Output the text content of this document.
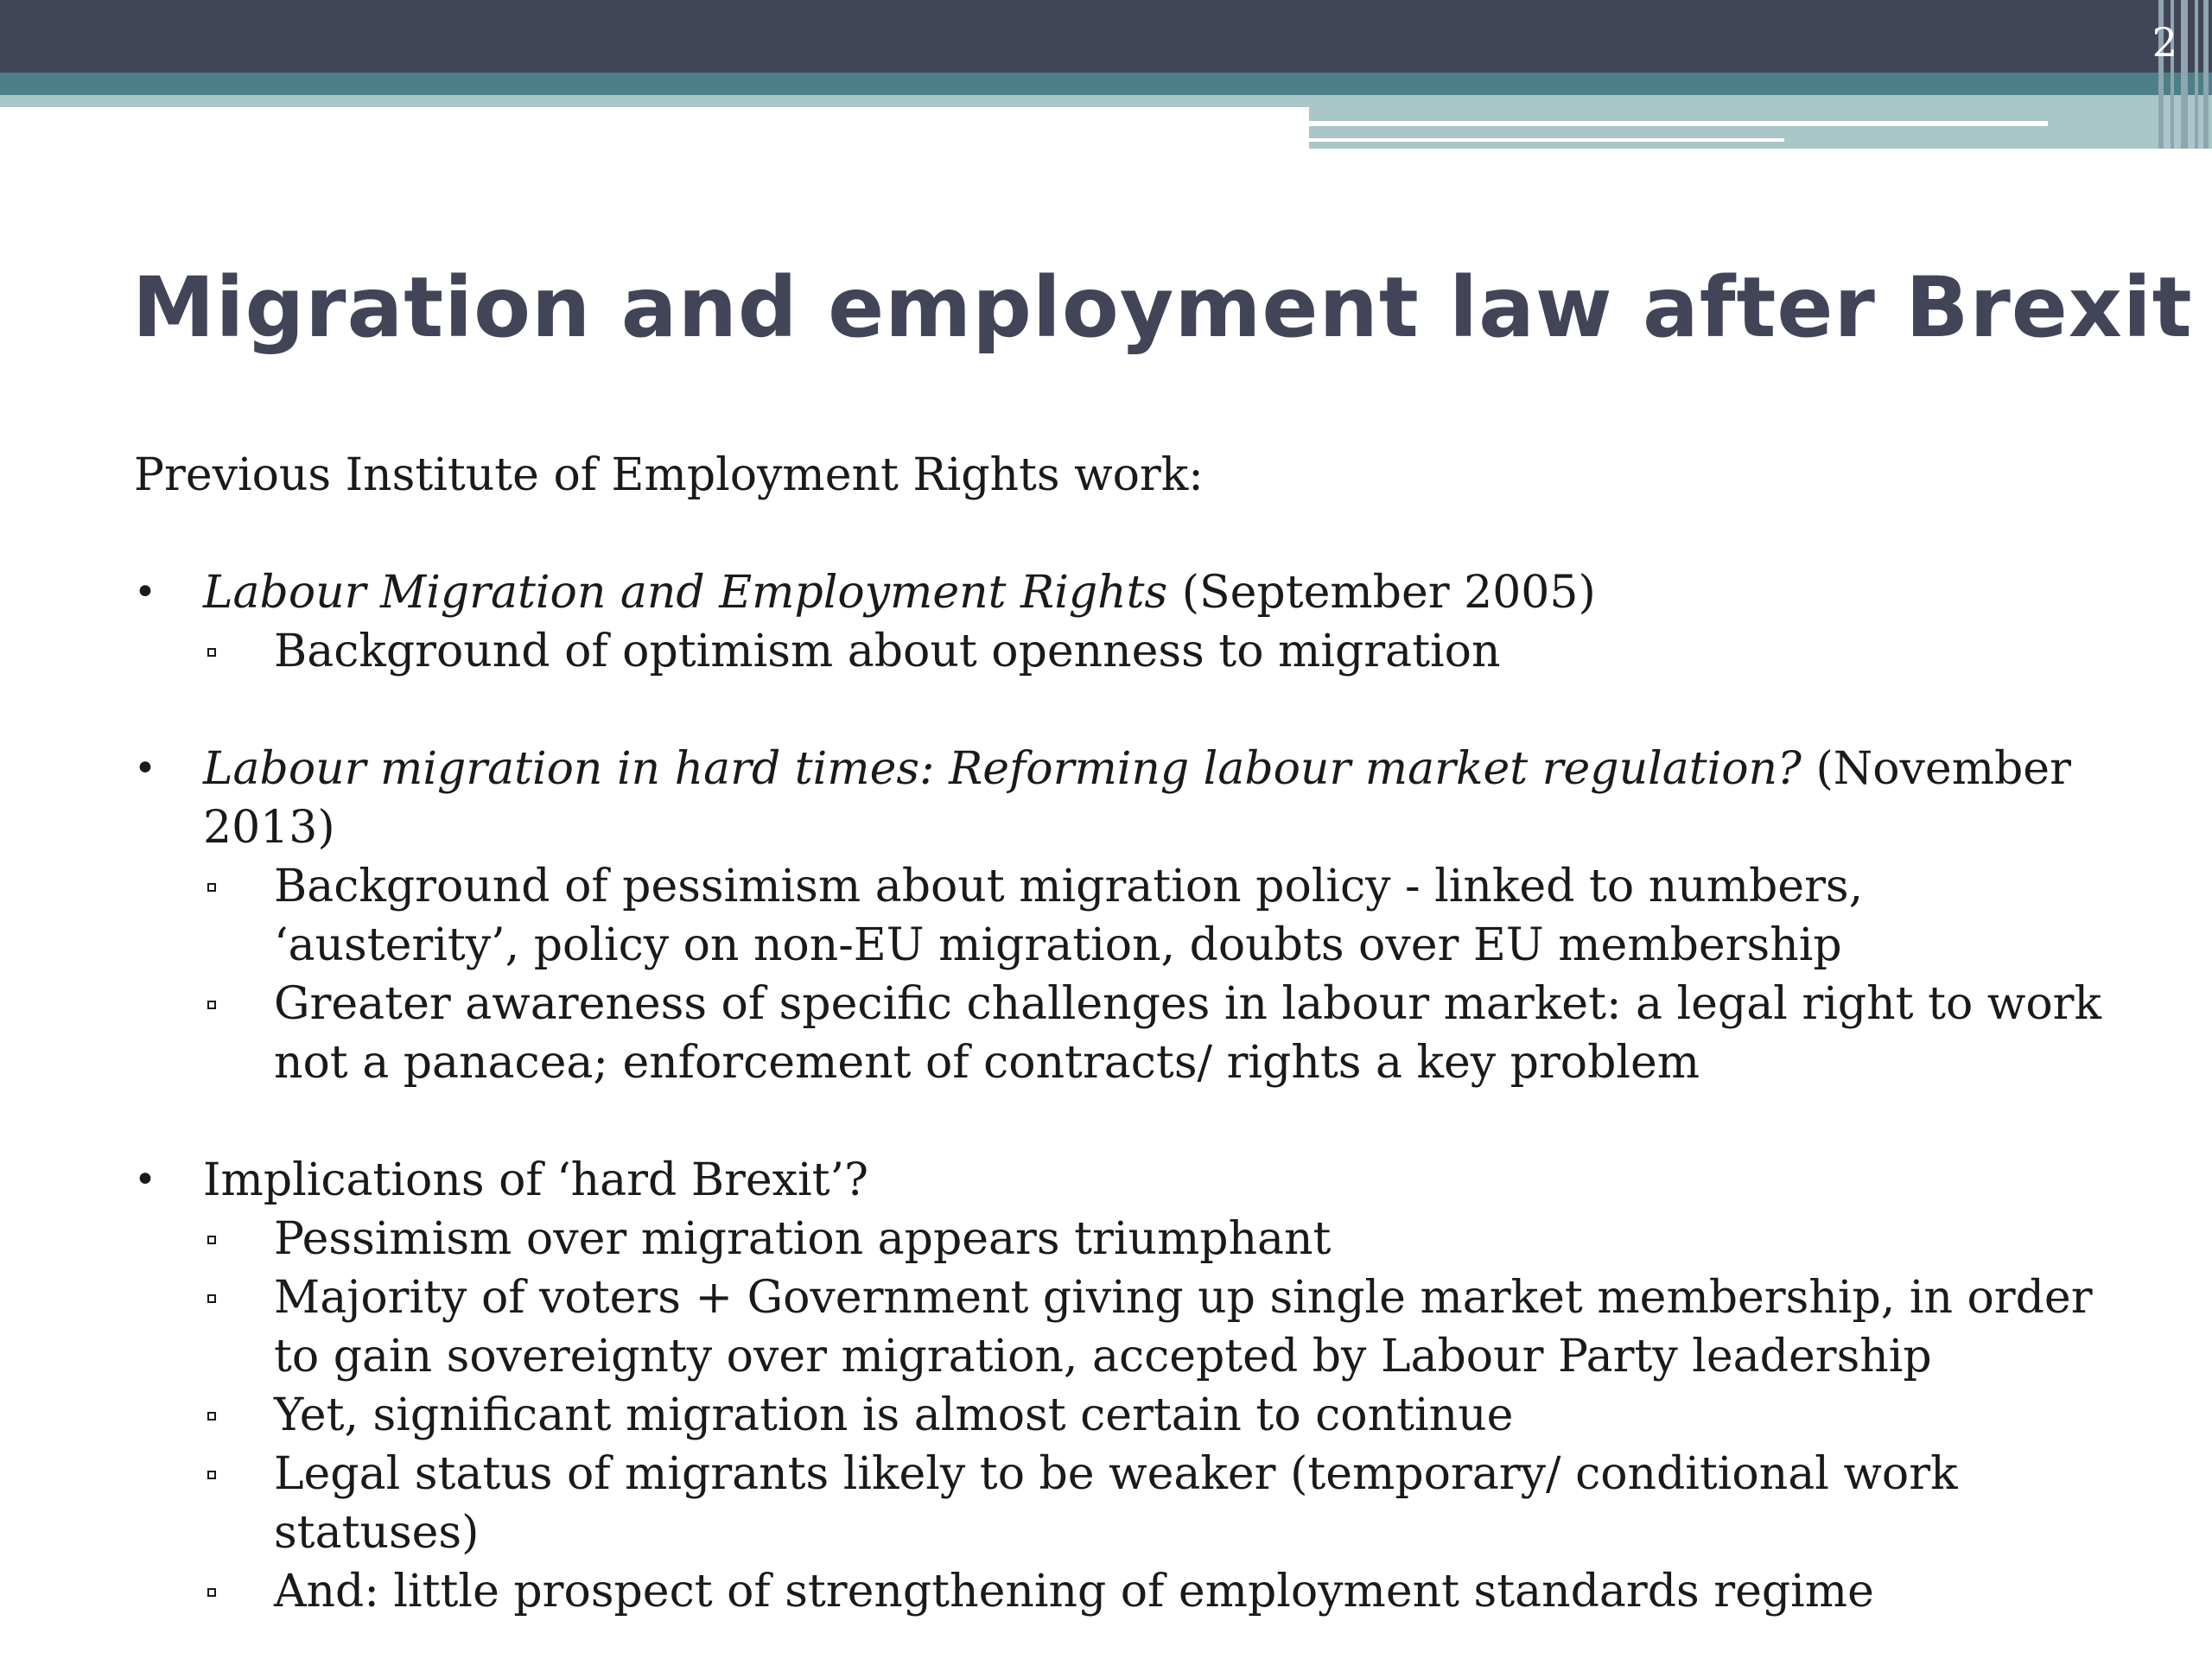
2
Migration and employment law after Brexit

Previous Institute of Employment Rights work:

• Labour Migration and Employment Rights (September 2005)
Background of optimism about openness to migration
• Labour migration in hard times: Reforming labour market regulation? (November 2013)
Background of pessimism about migration policy - linked to numbers, ‘austerity’, policy on non-EU migration, doubts over EU membership
Greater awareness of specific challenges in labour market: a legal right to work not a panacea; enforcement of contracts/ rights a key problem
• Implications of ‘hard Brexit’?
Pessimism over migration appears triumphant
Majority of voters + Government giving up single market membership, in order to gain sovereignty over migration, accepted by Labour Party leadership
Yet, significant migration is almost certain to continue
Legal status of migrants likely to be weaker (temporary/ conditional work statuses)
And: little prospect of strengthening of employment standards regime
